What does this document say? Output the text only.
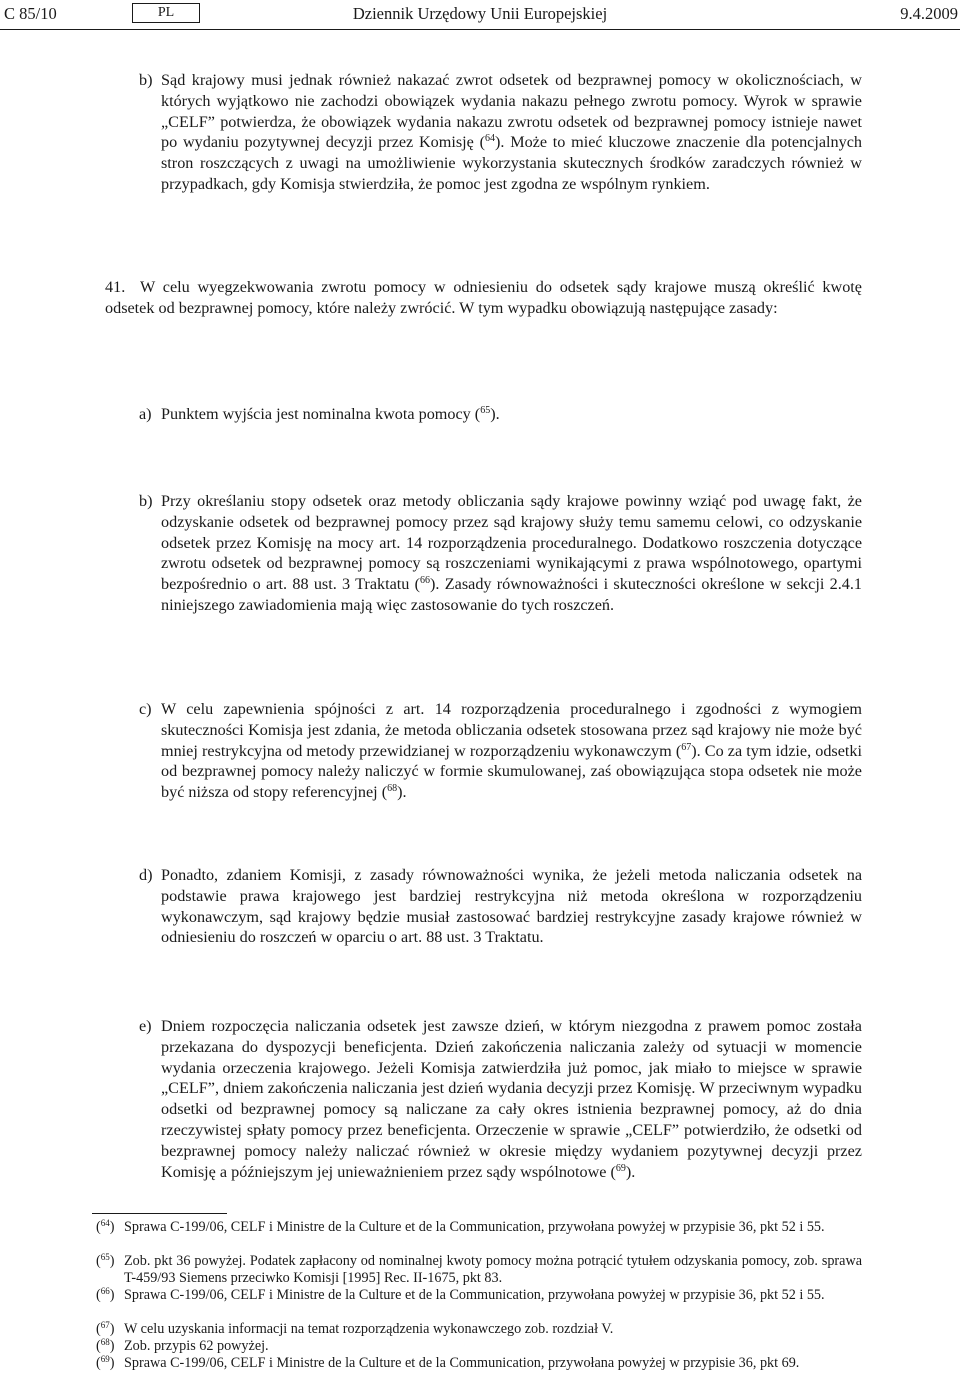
C 85/10	PL	Dziennik Urzędowy Unii Europejskiej	9.4.2009
b) Sąd krajowy musi jednak również nakazać zwrot odsetek od bezprawnej pomocy w okolicznościach, w których wyjątkowo nie zachodzi obowiązek wydania nakazu pełnego zwrotu pomocy. Wyrok w sprawie „CELF” potwierdza, że obowiązek wydania nakazu zwrotu odsetek od bezprawnej pomocy istnieje nawet po wydaniu pozytywnej decyzji przez Komisję ($^{64}$). Może to mieć kluczowe znaczenie dla potencjalnych stron roszczących z uwagi na umożliwienie wykorzystania skutecznych środków zaradczych również w przypadkach, gdy Komisja stwierdziła, że pomoc jest zgodna ze wspólnym rynkiem.
41. W celu wyegzekwowania zwrotu pomocy w odniesieniu do odsetek sądy krajowe muszą określić kwotę odsetek od bezprawnej pomocy, które należy zwrócić. W tym wypadku obowiązują następujące zasady:
a) Punktem wyjścia jest nominalna kwota pomocy ($^{65}$).
b) Przy określaniu stopy odsetek oraz metody obliczania sądy krajowe powinny wziąć pod uwagę fakt, że odzyskanie odsetek od bezprawnej pomocy przez sąd krajowy służy temu samemu celowi, co odzyskanie odsetek przez Komisję na mocy art. 14 rozporządzenia proceduralnego. Dodatkowo roszczenia dotyczące zwrotu odsetek od bezprawnej pomocy są roszczeniami wynikającymi z prawa wspólnotowego, opartymi bezpośrednio o art. 88 ust. 3 Traktatu ($^{66}$). Zasady równoważności i skuteczności określone w sekcji 2.4.1 niniejszego zawiadomienia mają więc zastosowanie do tych roszczeń.
c) W celu zapewnienia spójności z art. 14 rozporządzenia proceduralnego i zgodności z wymogiem skuteczności Komisja jest zdania, że metoda obliczania odsetek stosowana przez sąd krajowy nie może być mniej restrykcyjna od metody przewidzianej w rozporządzeniu wykonawczym ($^{67}$). Co za tym idzie, odsetki od bezprawnej pomocy należy naliczyć w formie skumulowanej, zaś obowiązująca stopa odsetek nie może być niższa od stopy referencyjnej ($^{68}$).
d) Ponadto, zdaniem Komisji, z zasady równoważności wynika, że jeżeli metoda naliczania odsetek na podstawie prawa krajowego jest bardziej restrykcyjna niż metoda określona w rozporządzeniu wykonawczym, sąd krajowy będzie musiał zastosować bardziej restrykcyjne zasady krajowe również w odniesieniu do roszczeń w oparciu o art. 88 ust. 3 Traktatu.
e) Dniem rozpoczęcia naliczania odsetek jest zawsze dzień, w którym niezgodna z prawem pomoc została przekazana do dyspozycji beneficjenta. Dzień zakończenia naliczania zależy od sytuacji w momencie wydania orzeczenia krajowego. Jeżeli Komisja zatwierdziła już pomoc, jak miało to miejsce w sprawie „CELF”, dniem zakończenia naliczania jest dzień wydania decyzji przez Komisję. W przeciwnym wypadku odsetki od bezprawnej pomocy są naliczane za cały okres istnienia bezprawnej pomocy, aż do dnia rzeczywistej spłaty pomocy przez beneficjenta. Orzeczenie w sprawie „CELF” potwierdziło, że odsetki od bezprawnej pomocy należy naliczać również w okresie między wydaniem pozytywnej decyzji przez Komisję a późniejszym jej unieważnieniem przez sądy wspólnotowe ($^{69}$).
($^{64}$) Sprawa C-199/06, CELF i Ministre de la Culture et de la Communication, przywołana powyżej w przypisie 36, pkt 52 i 55.
($^{65}$) Zob. pkt 36 powyżej. Podatek zapłacony od nominalnej kwoty pomocy można potrącić tytułem odzyskania pomocy, zob. sprawa T-459/93 Siemens przeciwko Komisji [1995] Rec. II-1675, pkt 83.
($^{66}$) Sprawa C-199/06, CELF i Ministre de la Culture et de la Communication, przywołana powyżej w przypisie 36, pkt 52 i 55.
($^{67}$) W celu uzyskania informacji na temat rozporządzenia wykonawczego zob. rozdział V.
($^{68}$) Zob. przypis 62 powyżej.
($^{69}$) Sprawa C-199/06, CELF i Ministre de la Culture et de la Communication, przywołana powyżej w przypisie 36, pkt 69.
